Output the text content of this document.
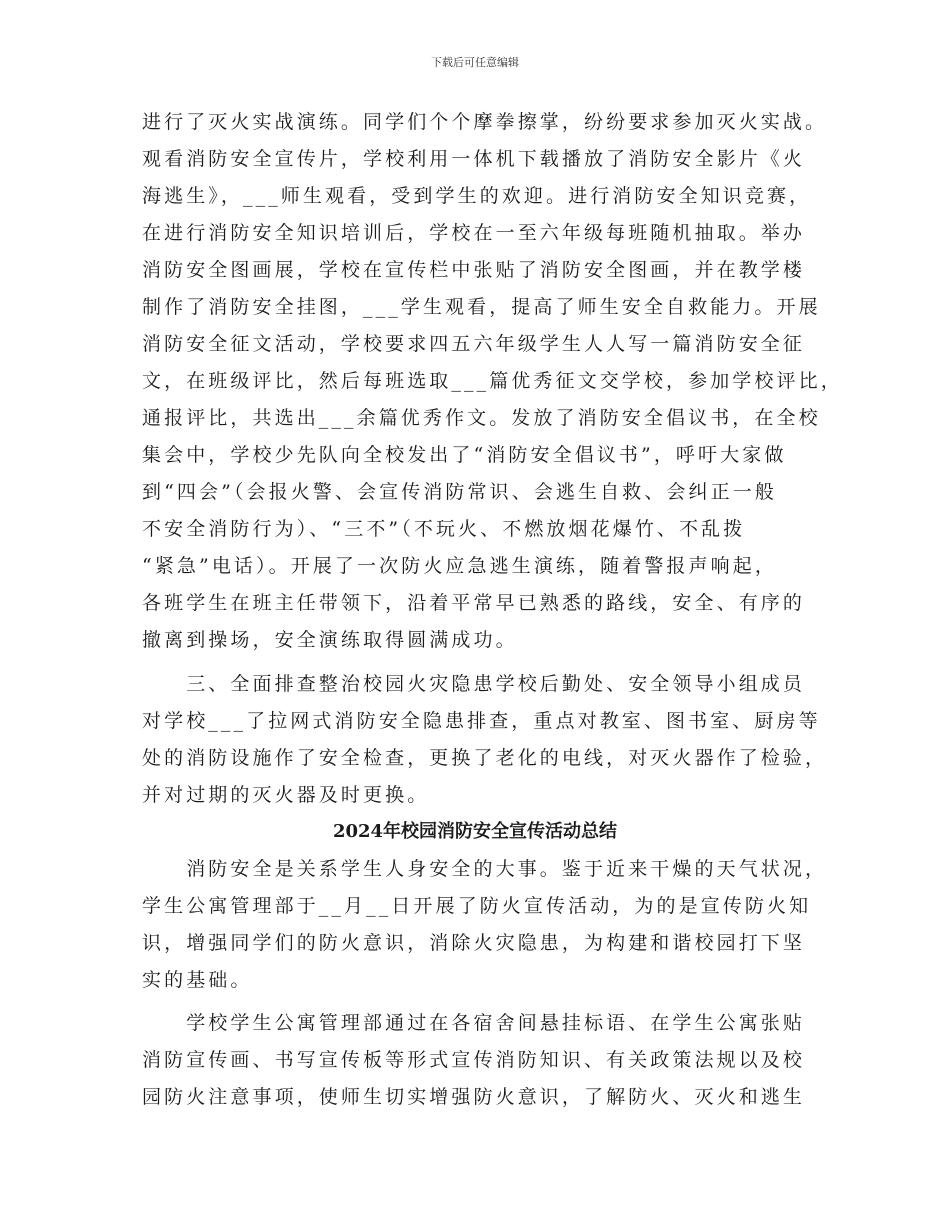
下载后可任意编辑
进行了灭火实战演练。同学们个个摩拳擦掌，纷纷要求参加灭火实战。
观看消防安全宣传片，学校利用一体机下载播放了消防安全影片《火
海逃生》，___师生观看，受到学生的欢迎。进行消防安全知识竞赛，
在进行消防安全知识培训后，学校在一至六年级每班随机抽取。举办
消防安全图画展，学校在宣传栏中张贴了消防安全图画，并在教学楼
制作了消防安全挂图，___学生观看，提高了师生安全自救能力。开展
消防安全征文活动，学校要求四五六年级学生人人写一篇消防安全征
文，在班级评比，然后每班选取___篇优秀征文交学校，参加学校评比，
通报评比，共选出___余篇优秀作文。发放了消防安全倡议书，在全校
集会中，学校少先队向全校发出了“消防安全倡议书”，呼吁大家做
到“四会”（会报火警、会宣传消防常识、会逃生自救、会纠正一般
不安全消防行为）、“三不”（不玩火、不燃放烟花爆竹、不乱拨
“紧急”电话）。开展了一次防火应急逃生演练，随着警报声响起，
各班学生在班主任带领下，沿着平常早已熟悉的路线，安全、有序的
撤离到操场，安全演练取得圆满成功。
　　三、全面排查整治校园火灾隐患学校后勤处、安全领导小组成员
对学校___了拉网式消防安全隐患排查，重点对教室、图书室、厨房等
处的消防设施作了安全检查，更换了老化的电线，对灭火器作了检验，
并对过期的灭火器及时更换。
2024年校园消防安全宣传活动总结
　　消防安全是关系学生人身安全的大事。鉴于近来干燥的天气状况，
学生公寓管理部于__月__日开展了防火宣传活动，为的是宣传防火知
识，增强同学们的防火意识，消除火灾隐患，为构建和谐校园打下坚
实的基础。
　　学校学生公寓管理部通过在各宿舍间悬挂标语、在学生公寓张贴
消防宣传画、书写宣传板等形式宣传消防知识、有关政策法规以及校
园防火注意事项，使师生切实增强防火意识，了解防火、灭火和逃生
